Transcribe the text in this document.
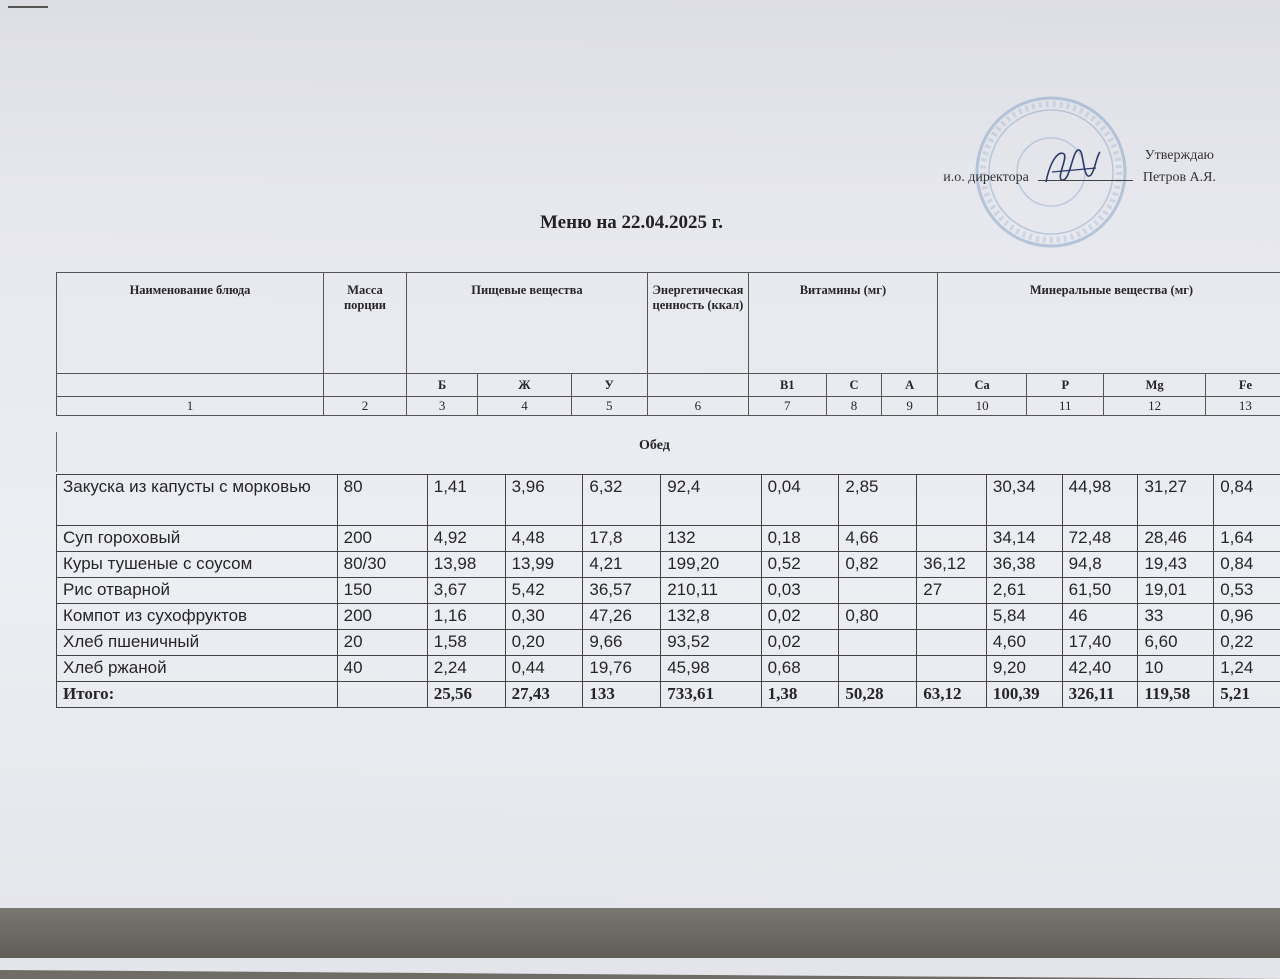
Утверждаю
и.о. директора	Петров А.Я.
Меню на 22.04.2025 г.
Наименование блюда	Масса порции	Пищевые вещества			Энергетическая ценность (ккал)	Витамины (мг)			Минеральные вещества (мг)			
		Б	Ж	У		B1	C	A	Ca	P	Mg	Fe
1	2	3	4	5	6	7	8	9	10	11	12	13
Обед
Закуска из капусты с морковью	80	1,41	3,96	6,32	92,4	0,04	2,85		30,34	44,98	31,27	0,84
Суп гороховый	200	4,92	4,48	17,8	132	0,18	4,66		34,14	72,48	28,46	1,64
Куры тушеные с соусом	80/30	13,98	13,99	4,21	199,20	0,52	0,82	36,12	36,38	94,8	19,43	0,84
Рис отварной	150	3,67	5,42	36,57	210,11	0,03		27	2,61	61,50	19,01	0,53
Компот из сухофруктов	200	1,16	0,30	47,26	132,8	0,02	0,80		5,84	46	33	0,96
Хлеб пшеничный	20	1,58	0,20	9,66	93,52	0,02			4,60	17,40	6,60	0,22
Хлеб ржаной	40	2,24	0,44	19,76	45,98	0,68			9,20	42,40	10	1,24
Итого:		25,56	27,43	133	733,61	1,38	50,28	63,12	100,39	326,11	119,58	5,21
